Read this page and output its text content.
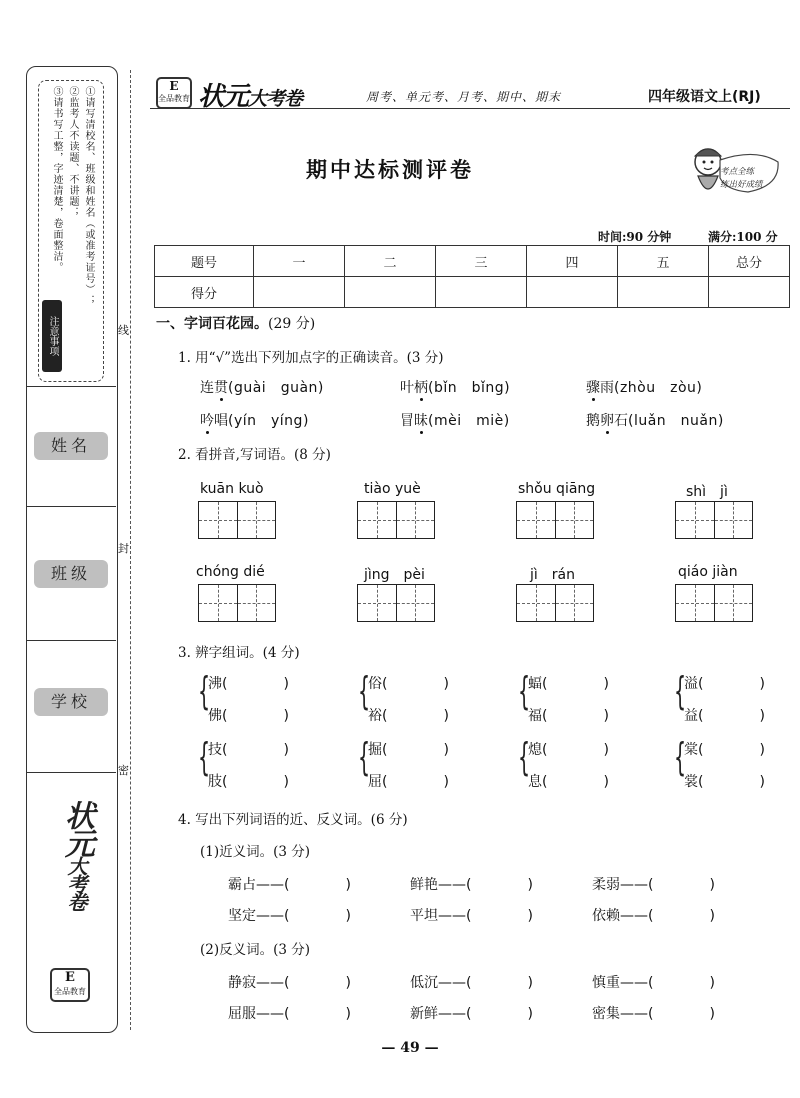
①请写清校名、班级和姓名（或准考证号）；
②监考人不读题、不讲题；
③请书写工整，字迹清楚，卷面整洁。
注意事项
姓名
班级
学校
状元大考卷
E
全品教育
线
封
密
E
全品教育 状元大考卷	周考、单元考、月考、期中、期末	四年级语文上(RJ)
期中达标测评卷	考点全练
练出好成绩
时间:90 分钟	满分:100 分
题号	一	二	三	四	五	总分
得分						
一、字词百花园。(29 分)
1. 用“√”选出下列加点字的正确读音。(3 分)
连贯(guài　guàn)	叶柄(bǐn　bǐng)	骤雨(zhòu　zòu)
吟唱(yín　yíng)	冒昧(mèi　miè)	鹅卵石(luǎn　nuǎn)
2. 看拼音,写词语。(8 分)
kuān kuò	tiào yuè	shǒu qiāng	shì　jì
chóng dié	jìng　pèi	jì　rán	qiáo jiàn
3. 辨字组词。(4 分)
{
沸(　　　　)
佛(　　　　)
{
俗(　　　　)
裕(　　　　)
{
蝠(　　　　)
福(　　　　)
{
溢(　　　　)
益(　　　　)
{
技(　　　　)
肢(　　　　)
{
掘(　　　　)
屈(　　　　)
{
熄(　　　　)
息(　　　　)
{
棠(　　　　)
裳(　　　　)
4. 写出下列词语的近、反义词。(6 分)
(1)近义词。(3 分)
霸占——(　　　　)	鲜艳——(　　　　)	柔弱——(　　　　)
坚定——(　　　　)	平坦——(　　　　)	依赖——(　　　　)
(2)反义词。(3 分)
静寂——(　　　　)	低沉——(　　　　)	慎重——(　　　　)
屈服——(　　　　)	新鲜——(　　　　)	密集——(　　　　)
— 49 —
